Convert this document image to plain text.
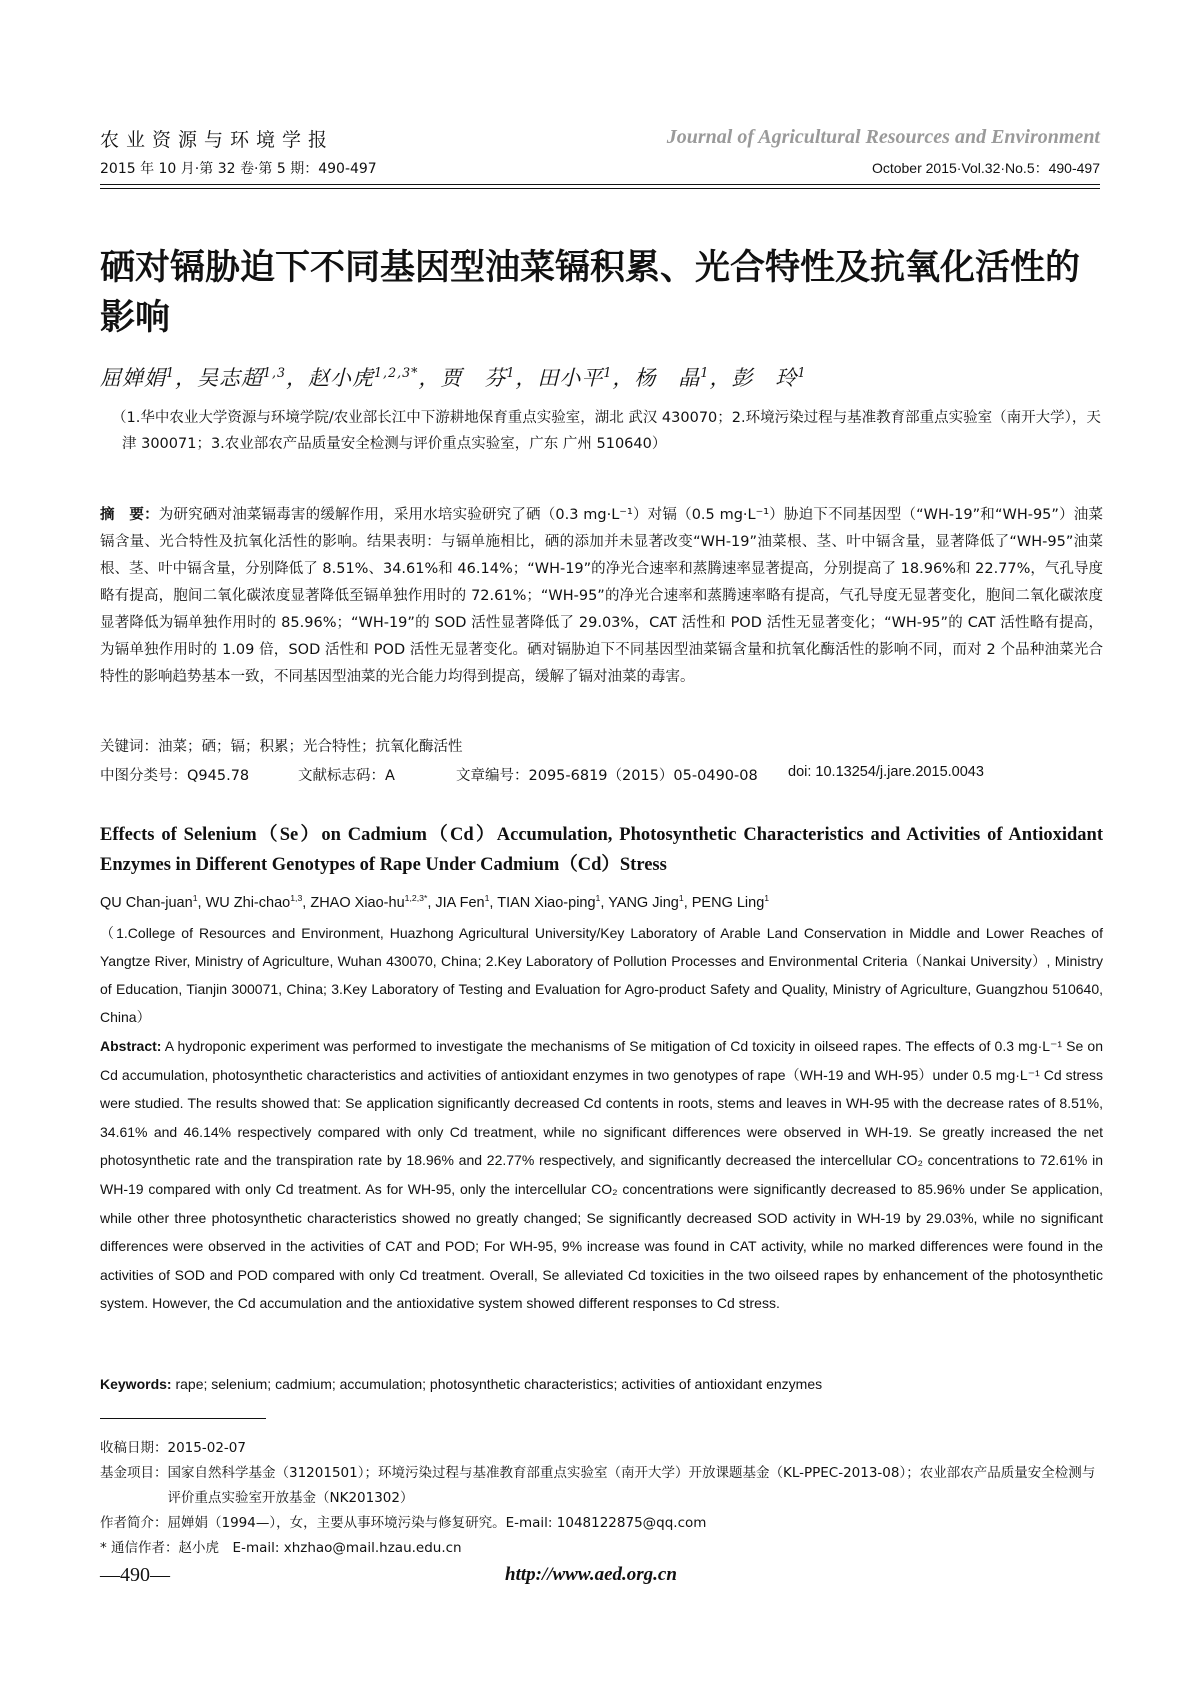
农业资源与环境学报	Journal of Agricultural Resources and Environment
2015 年 10 月·第 32 卷·第 5 期：490-497	October 2015·Vol.32·No.5：490-497
硒对镉胁迫下不同基因型油菜镉积累、光合特性及抗氧化活性的影响
屈婵娟$^1$，吴志超$^{1,3}$，赵小虎$^{1,2,3*}$，贾　芬$^1$，田小平$^1$，杨　晶$^1$，彭　玲$^1$
（1.华中农业大学资源与环境学院/农业部长江中下游耕地保育重点实验室，湖北 武汉 430070；2.环境污染过程与基准教育部重点实验室（南开大学），天津 300071；3.农业部农产品质量安全检测与评价重点实验室，广东 广州 510640）
摘　要：为研究硒对油菜镉毒害的缓解作用，采用水培实验研究了硒（0.3 mg·L⁻¹）对镉（0.5 mg·L⁻¹）胁迫下不同基因型（“WH-19”和“WH-95”）油菜镉含量、光合特性及抗氧化活性的影响。结果表明：与镉单施相比，硒的添加并未显著改变“WH-19”油菜根、茎、叶中镉含量，显著降低了“WH-95”油菜根、茎、叶中镉含量，分别降低了 8.51%、34.61%和 46.14%；“WH-19”的净光合速率和蒸腾速率显著提高，分别提高了 18.96%和 22.77%，气孔导度略有提高，胞间二氧化碳浓度显著降低至镉单独作用时的 72.61%；“WH-95”的净光合速率和蒸腾速率略有提高，气孔导度无显著变化，胞间二氧化碳浓度显著降低为镉单独作用时的 85.96%；“WH-19”的 SOD 活性显著降低了 29.03%，CAT 活性和 POD 活性无显著变化；“WH-95”的 CAT 活性略有提高，为镉单独作用时的 1.09 倍，SOD 活性和 POD 活性无显著变化。硒对镉胁迫下不同基因型油菜镉含量和抗氧化酶活性的影响不同，而对 2 个品种油菜光合特性的影响趋势基本一致，不同基因型油菜的光合能力均得到提高，缓解了镉对油菜的毒害。
关键词：油菜；硒；镉；积累；光合特性；抗氧化酶活性
中图分类号：Q945.78	文献标志码：A	文章编号：2095-6819（2015）05-0490-08 doi: 10.13254/j.jare.2015.0043
Effects of Selenium（Se）on Cadmium（Cd）Accumulation, Photosynthetic Characteristics and Activities of Antioxidant Enzymes in Different Genotypes of Rape Under Cadmium（Cd）Stress
QU Chan-juan$^1$, WU Zhi-chao$^{1,3}$, ZHAO Xiao-$hu^{1,2,3*}$, JIA Fen$^1$, TIAN Xiao-ping$^1$, YANG Jing$^1$, PENG Ling$^1$
（1.College of Resources and Environment, Huazhong Agricultural University/Key Laboratory of Arable Land Conservation in Middle and Lower Reaches of Yangtze River, Ministry of Agriculture, Wuhan 430070, China; 2.Key Laboratory of Pollution Processes and Environmental Criteria（Nankai University）, Ministry of Education, Tianjin 300071, China; 3.Key Laboratory of Testing and Evaluation for Agro-product Safety and Quality, Ministry of Agriculture, Guangzhou 510640, China）
Abstract: A hydroponic experiment was performed to investigate the mechanisms of Se mitigation of Cd toxicity in oilseed rapes. The effects of 0.3 mg·L⁻¹ Se on Cd accumulation, photosynthetic characteristics and activities of antioxidant enzymes in two genotypes of rape（WH-19 and WH-95）under 0.5 mg·L⁻¹ Cd stress were studied. The results showed that: Se application significantly decreased Cd contents in roots, stems and leaves in WH-95 with the decrease rates of 8.51%, 34.61% and 46.14% respectively compared with only Cd treatment, while no significant differences were observed in WH-19. Se greatly increased the net photosynthetic rate and the transpiration rate by 18.96% and 22.77% respectively, and significantly decreased the intercellular CO₂ concentrations to 72.61% in WH-19 compared with only Cd treatment. As for WH-95, only the intercellular CO₂ concentrations were significantly decreased to 85.96% under Se application, while other three photosynthetic characteristics showed no greatly changed; Se significantly decreased SOD activity in WH-19 by 29.03%, while no significant differences were observed in the activities of CAT and POD; For WH-95, 9% increase was found in CAT activity, while no marked differences were found in the activities of SOD and POD compared with only Cd treatment. Overall, Se alleviated Cd toxicities in the two oilseed rapes by enhancement of the photosynthetic system. However, the Cd accumulation and the antioxidative system showed different responses to Cd stress.
Keywords: rape; selenium; cadmium; accumulation; photosynthetic characteristics; activities of antioxidant enzymes
收稿日期： 2015-02-07
基金项目： 国家自然科学基金（31201501）；环境污染过程与基准教育部重点实验室（南开大学）开放课题基金（KL-PPEC-2013-08）；农业部农产品质量安全检测与评价重点实验室开放基金（NK201302）
作者简介： 屈婵娟（1994—），女，主要从事环境污染与修复研究。E-mail: 1048122875@qq.com
* 通信作者： 赵小虎　E-mail: xhzhao@mail.hzau.edu.cn
—490—	http://www.aed.org.cn
